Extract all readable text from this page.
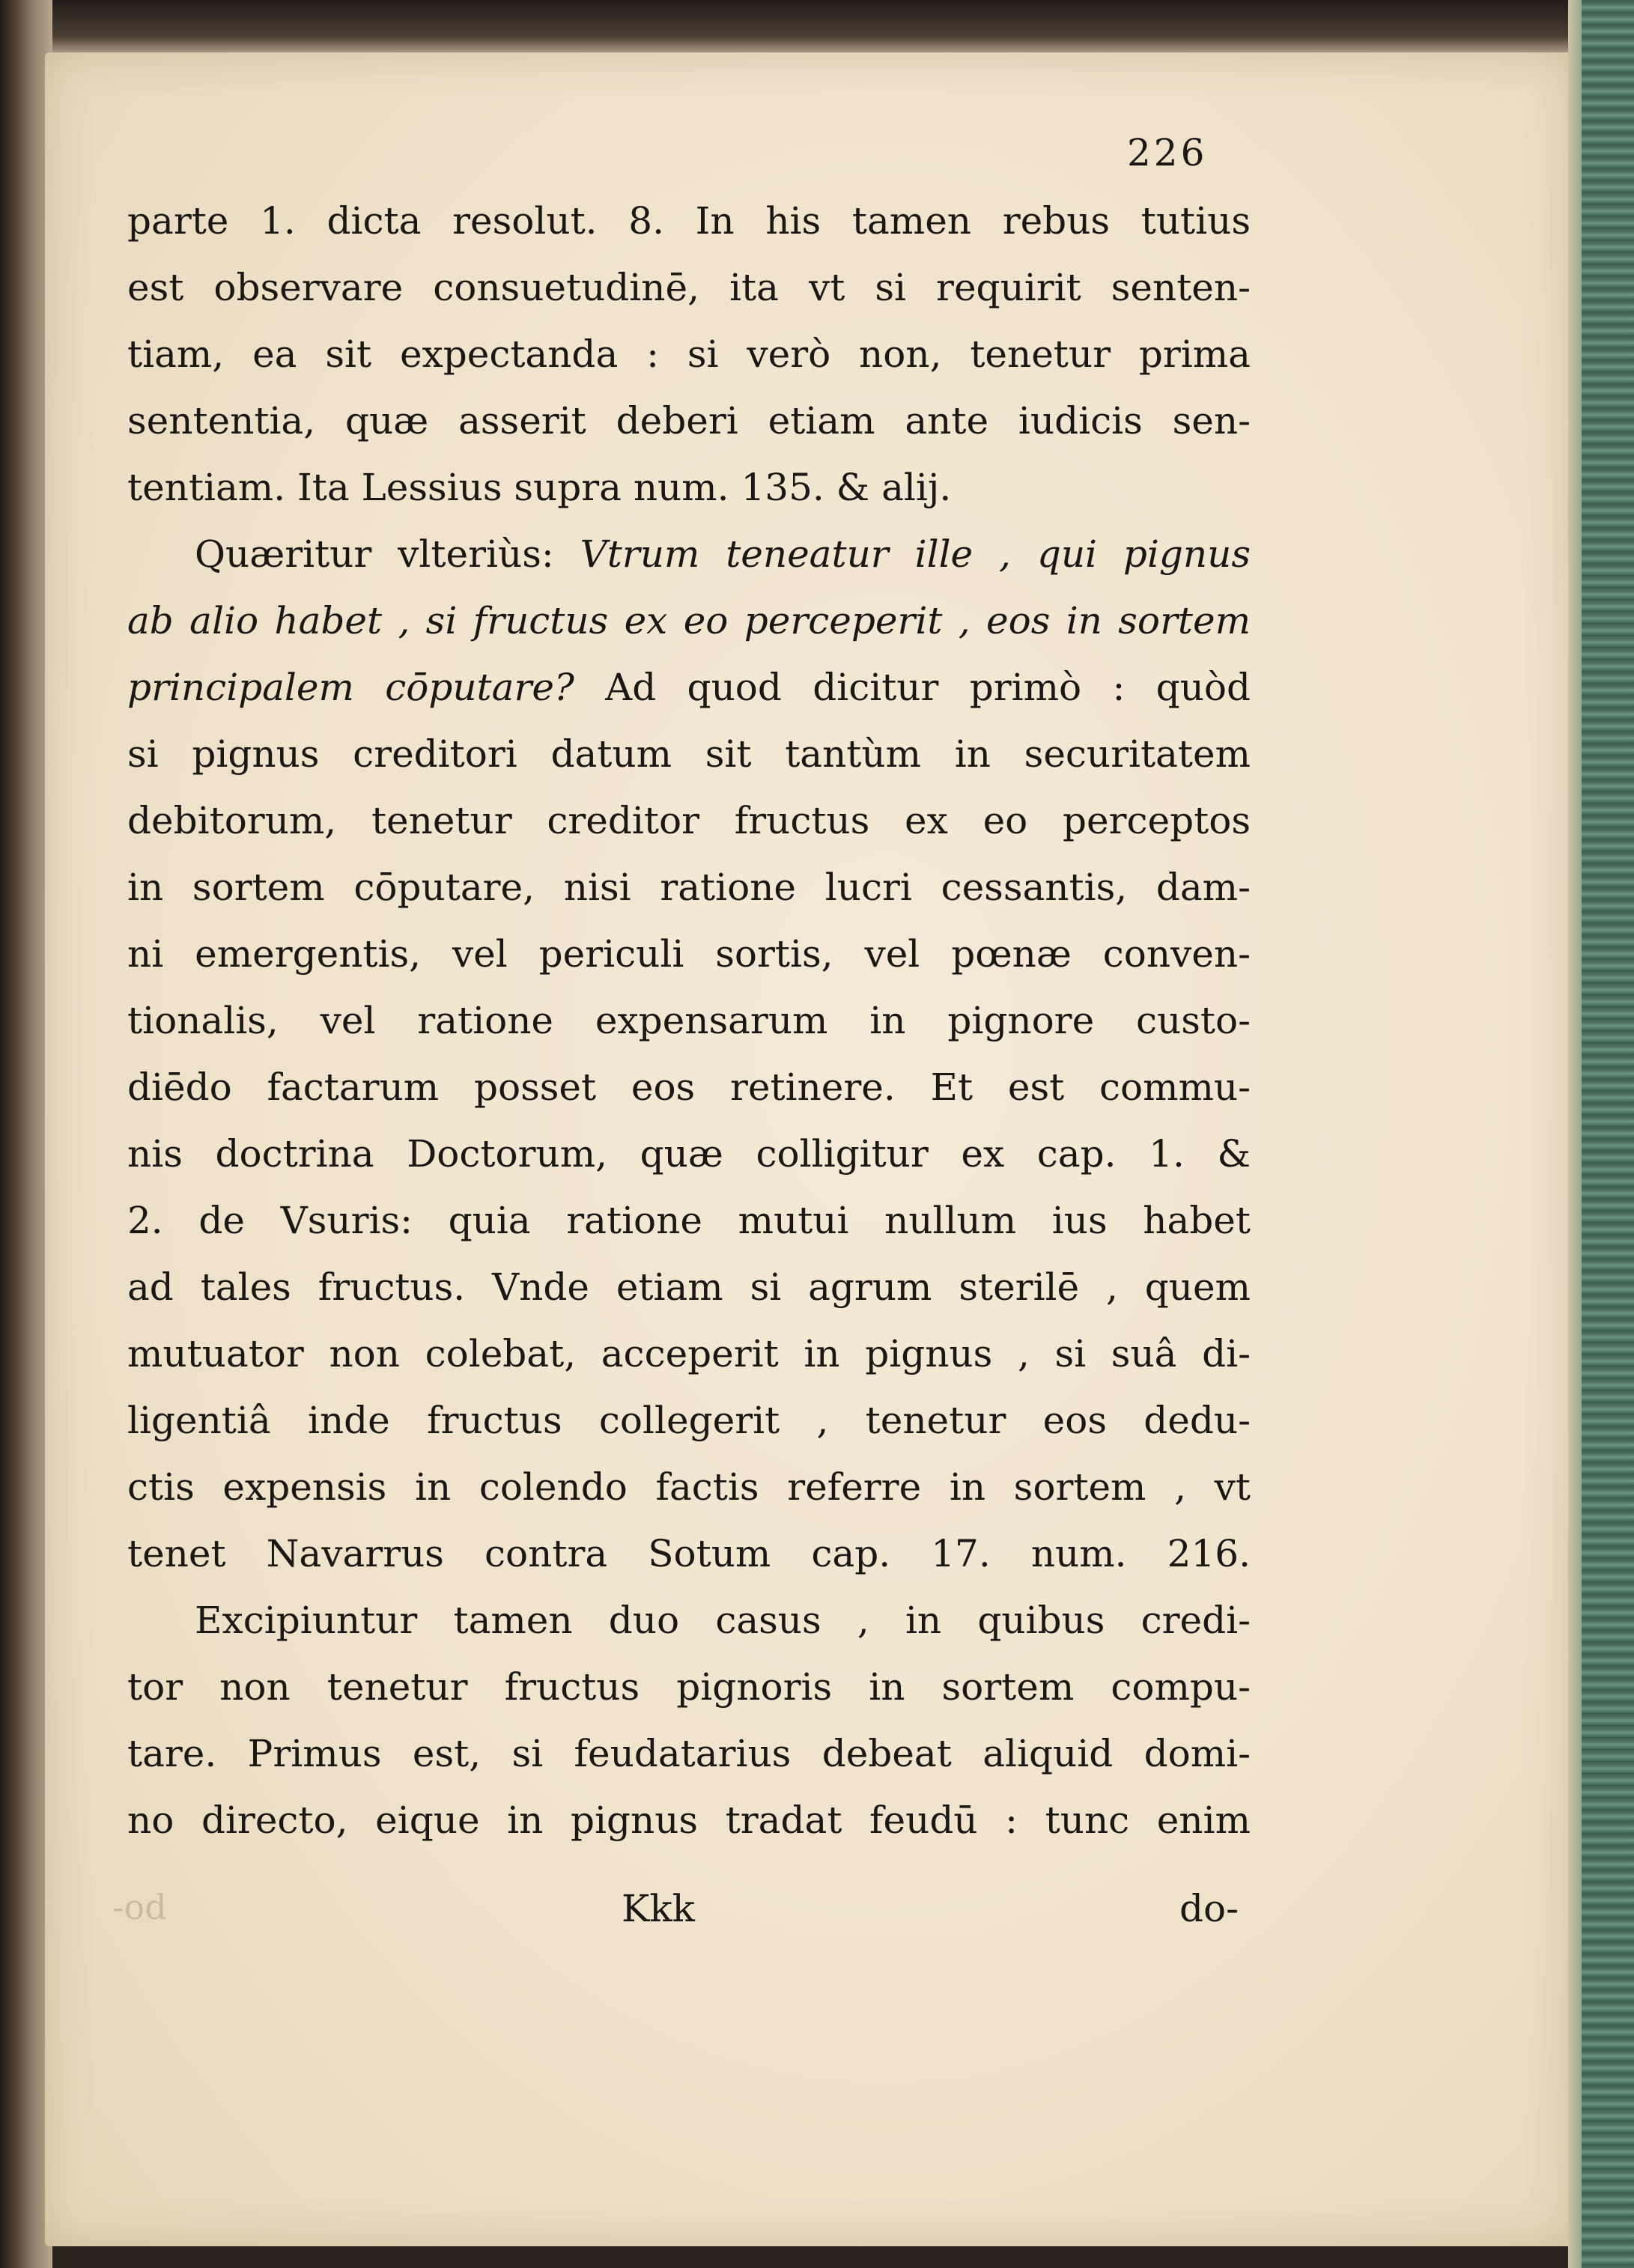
226
parte 1. dicta resolut. 8. In his tamen rebus tutius
est observare consuetudinē, ita vt si requirit senten-
tiam, ea sit expectanda : si verò non, tenetur prima
sententia, quæ asserit deberi etiam ante iudicis sen-
tentiam. Ita Lessius supra num. 135. & alij.
Quæritur vlteriùs: Vtrum teneatur ille , qui pignus
ab alio habet , si fructus ex eo perceperit , eos in sortem
principalem cōputare? Ad quod dicitur primò : quòd
si pignus creditori datum sit tantùm in securitatem
debitorum, tenetur creditor fructus ex eo perceptos
in sortem cōputare, nisi ratione lucri cessantis, dam-
ni emergentis, vel periculi sortis, vel pœnæ conven-
tionalis, vel ratione expensarum in pignore custo-
diēdo factarum posset eos retinere. Et est commu-
nis doctrina Doctorum, quæ colligitur ex cap. 1. &
2. de Vsuris: quia ratione mutui nullum ius habet
ad tales fructus. Vnde etiam si agrum sterilē , quem
mutuator non colebat, acceperit in pignus , si suâ di-
ligentiâ inde fructus collegerit , tenetur eos dedu-
ctis expensis in colendo factis referre in sortem , vt
tenet Navarrus contra Sotum cap. 17. num. 216.
Excipiuntur tamen duo casus , in quibus credi-
tor non tenetur fructus pignoris in sortem compu-
tare. Primus est, si feudatarius debeat aliquid domi-
no directo, eique in pignus tradat feudū : tunc enim
-od	Kkk	do-
